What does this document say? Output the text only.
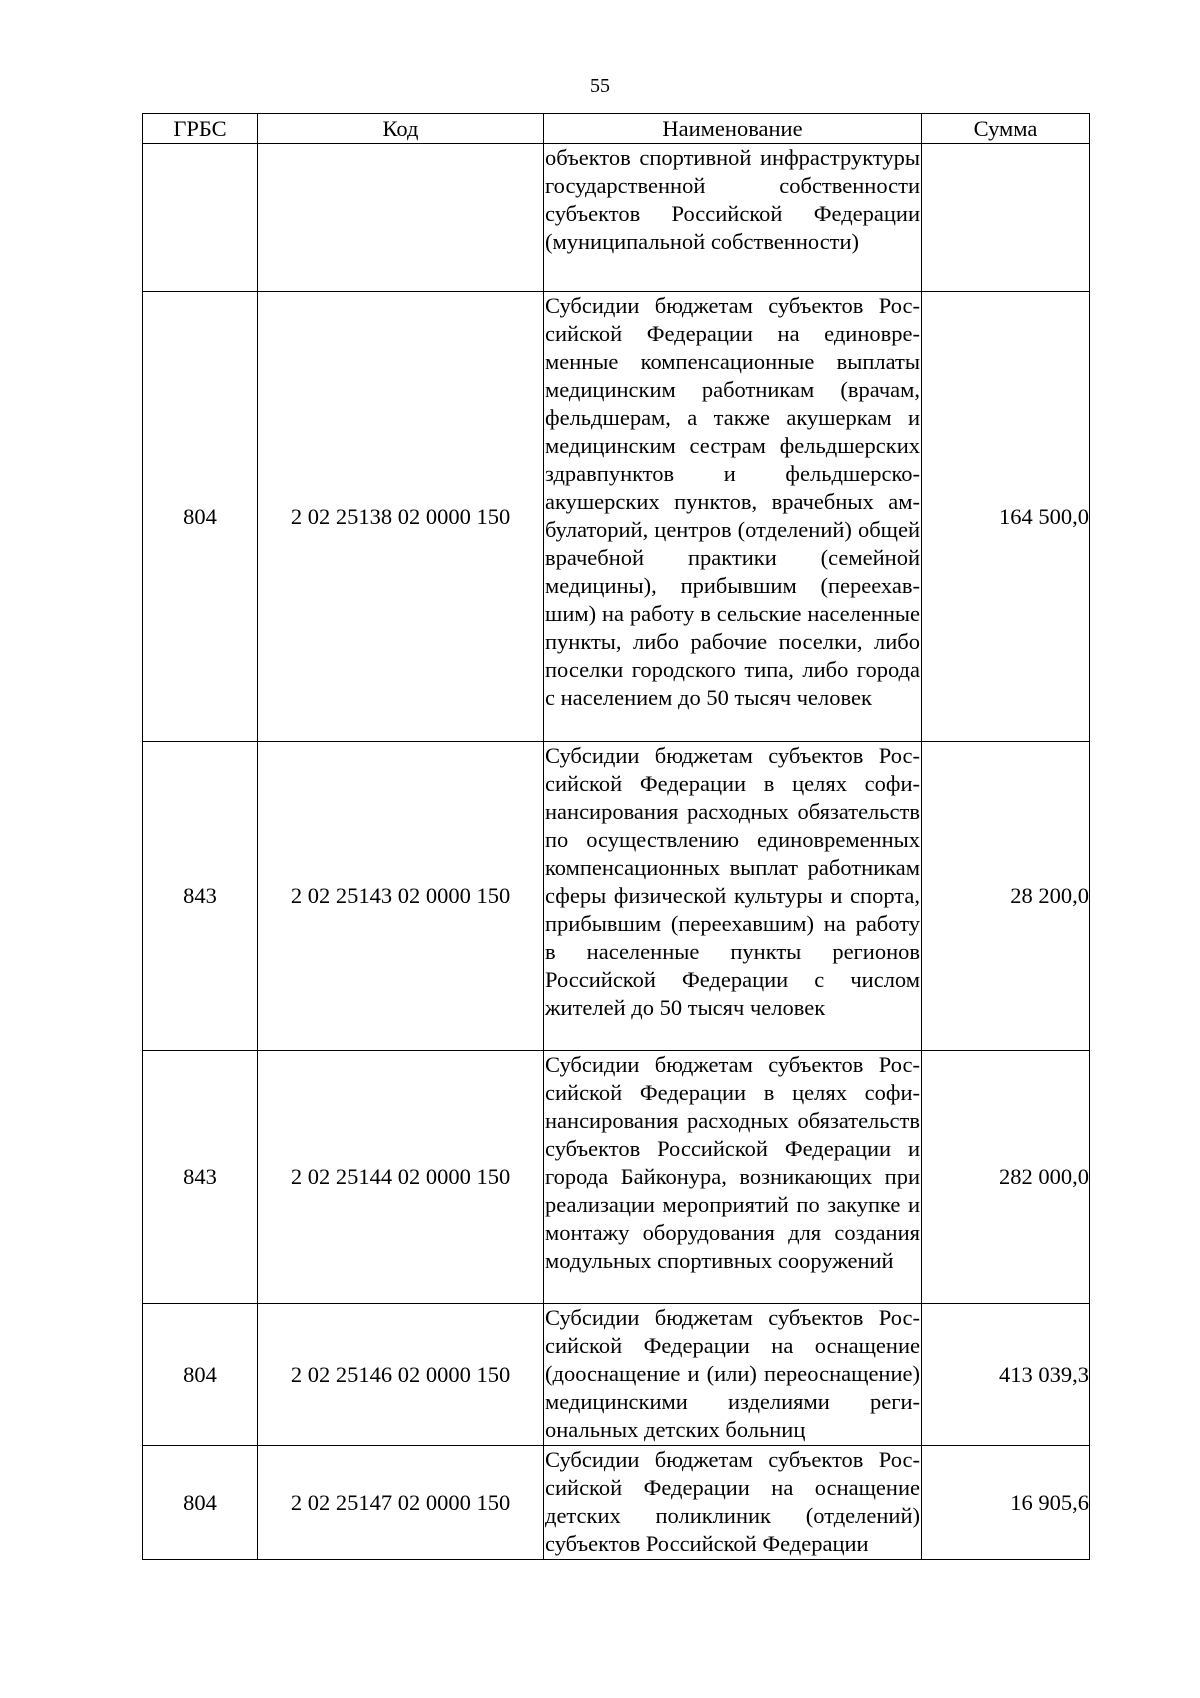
55
ГРБС	Код	Наименование	Сумма

		объектов спортивной инфраструктуры государственной собственности субъектов Российской Федерации (муниципальной собственности)	

804	2 02 25138 02 0000 150	Субсидии бюджетам субъектов Российской Федерации на единовременные компенсационные выплаты медицинским работникам (врачам, фельдшерам, а также акушеркам и медицинским сестрам фельдшерских здравпунктов и фельдшерско-акушерских пунктов, врачебных амбулаторий, центров (отделений) общей врачебной практики (семейной медицины), прибывшим (переехавшим) на работу в сельские населенные пункты, либо рабочие поселки, либо поселки городского типа, либо города с населением до 50 тысяч человек	164 500,0
843	2 02 25143 02 0000 150	Субсидии бюджетам субъектов Российской Федерации в целях софинансирования расходных обязательств по осуществлению единовременных компенсационных выплат работникам сферы физической культуры и спорта, прибывшим (переехавшим) на работу в населенные пункты регионов Российской Федерации с числом жителей до 50 тысяч человек	28 200,0
843	2 02 25144 02 0000 150	Субсидии бюджетам субъектов Российской Федерации в целях софинансирования расходных обязательств субъектов Российской Федерации и города Байконура, возникающих при реализации мероприятий по закупке и монтажу оборудования для создания модульных спортивных сооружений	282 000,0
804	2 02 25146 02 0000 150	Субсидии бюджетам субъектов Российской Федерации на оснащение (дооснащение и (или) переоснащение) медицинскими изделиями региональных детских больниц	413 039,3
804	2 02 25147 02 0000 150	Субсидии бюджетам субъектов Российской Федерации на оснащение детских поликлиник (отделений) субъектов Российской Федерации	16 905,6
